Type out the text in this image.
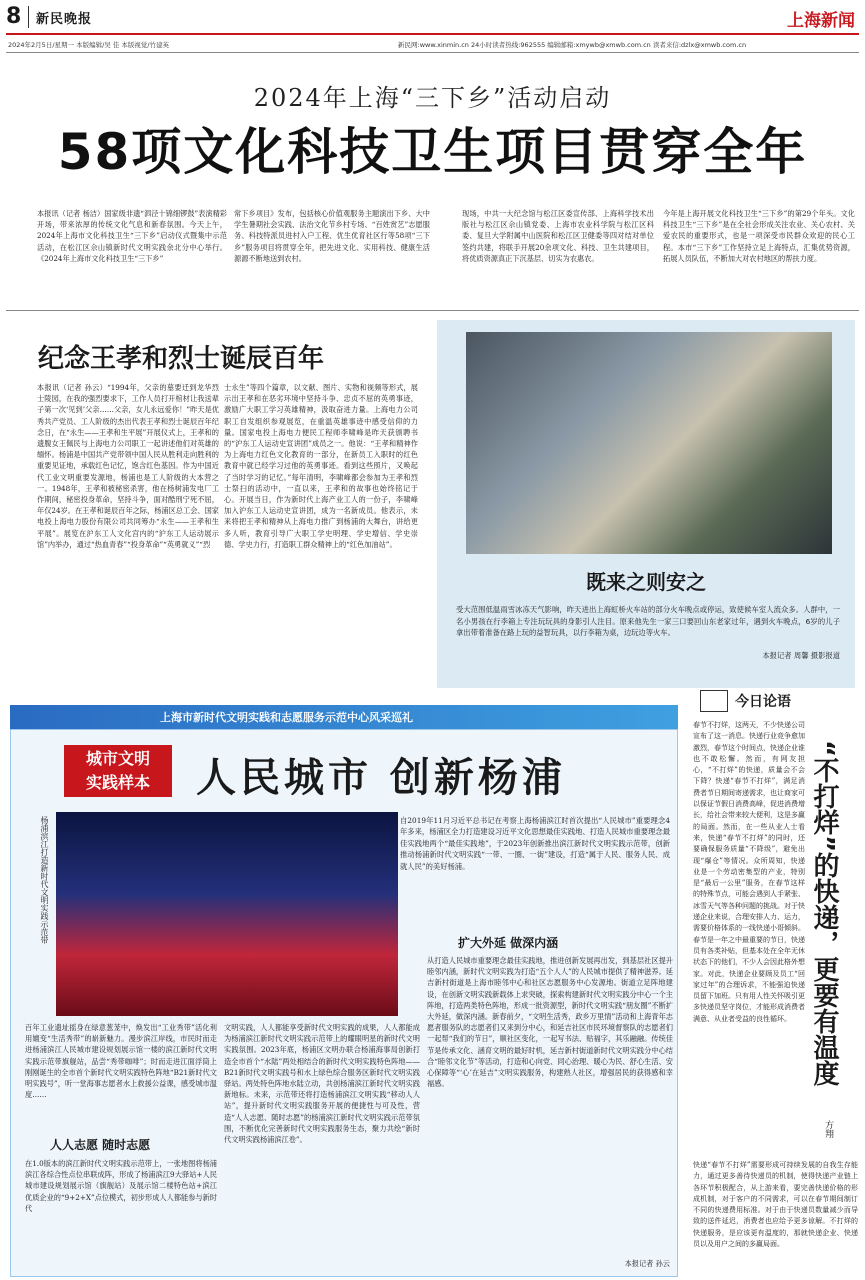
8 新民晚报	上海新闻
2024年2月5日/星期一 本版编辑/吴 佳 本版视觉/竹建英	新民网:www.xinmin.cn 24小时读者热线:962555 编辑邮箱:xmywb@xmwb.com.cn 读者来信:dzlx@xmwb.com.cn
2024年上海“三下乡”活动启动
58项文化科技卫生项目贯穿全年
本报讯（记者 杨洁）国家级非遗“泗泾十锦细锣鼓”表演精彩开场，带来浓厚的传统文化气息和新春氛围。今天上午，2024年上海市文化科技卫生“三下乡”启动仪式暨集中示范活动，在松江区佘山镇新时代文明实践余北分中心举行。《2024年上海市文化科技卫生“三下乡”
常下乡项目》发布，包括核心价值观服务主题演出下乡、大中学生暑期社会实践、法治文化节乡村专场、“百姓赏艺”志愿服务、科技特派员进村入户工程、优生优育社区行等58项“三下乡”服务项目将贯穿全年，把先进文化、实用科技、健康生活源源不断地送到农村。
现场，中共一大纪念馆与松江区委宣传部、上海科学技术出版社与松江区佘山镇党委、上海市农业科学院与松江区科委、复旦大学附属中山医院和松江区卫健委等四对结对单位签约共建，将联手开展20余项文化、科技、卫生共建项目，将优质资源真正下沉基层、切实为农惠农。
今年是上海开展文化科技卫生“三下乡”的第29个年头。文化科技卫生“三下乡”是在全社会形成关注农业、关心农村、关爱农民的重要形式，也是一项深受市民群众欢迎的民心工程。本市“三下乡”工作坚持立足上海特点，汇集优势资源，拓展人员队伍，不断加大对农村地区的帮扶力度。
纪念王孝和烈士诞辰百年
本报讯（记者 孙云）“1994年，父亲的墓要迁到龙华烈士陵园，在我的强烈要求下，工作人员打开棺材让我送辈子第一次‘见到’父亲……父亲，女儿永远爱你！”昨天是优秀共产党员、工人阶级的杰出代表王孝和烈士诞辰百年纪念日，在“永生——王孝和生平展”开展仪式上，王孝和的遗腹女王佩民与上海电力公司职工一起讲述他们对英雄的缅怀。杨浦是中国共产党带领中国人民从胜利走向胜利的重要见证地，承载红色记忆，饱含红色基因。作为中国近代工业文明重要发源地，杨浦也是工人阶级的大本营之一。1948年，王孝和被秘密杀害，他在杨树浦发电厂工作期间，秘密投身革命，坚持斗争，面对酷刑宁死不屈，年仅24岁。在王孝和诞辰百年之际，杨浦区总工会、国家电投上海电力股份有限公司共同筹办“永生——王孝和生平展”。展览在沪东工人文化宫内的“沪东工人运动展示馆”内举办，通过“热血青春”“投身革命”“英勇就义”“烈
士永生”等四个篇章，以文献、图片、实物和视频等形式，展示出王孝和在恶劣环境中坚持斗争、忠贞不屈的英勇事迹，激励广大职工学习英雄精神，汲取奋进力量。上海电力公司职工自发组织参观展览，在重温英雄事迹中感受信仰的力量。国家电投上海电力便民工程师李啸峰是昨天获颁聘书的“沪东工人运动史宣讲团”成员之一。他说：“王孝和精神作为上海电力红色文化教育的一部分，在新员工入职时的红色教育中就已经学习过他的英勇事迹。看到这些照片，又唤起了当时学习的记忆。”每年清明，李啸峰都会参加为王孝和烈士祭扫的活动中，一直以来，王孝和的故事也始终铭记于心。开展当日，作为新时代上海产业工人的一份子，李啸峰加入沪东工人运动史宣讲团，成为一名新成员。他表示，未来将把王孝和精神从上海电力推广到杨浦的大舞台，讲给更多人听，教育引导广大职工学史明理、学史增信、学史崇德、学史力行，打造职工群众精神上的“红色加油站”。
既来之则安之
受大范围低温雨雪冰冻天气影响，昨天进出上海虹桥火车站的部分火车晚点或停运，致使候车室人流众多。人群中，一名小男孩在行李箱上专注玩玩具的身影引人注目。原来他先生一家三口要回山东老家过年，遇到火车晚点，6岁的儿子拿出带着准备在路上玩的益智玩具，以行李箱为桌，边玩边等火车。
本报记者 周馨 摄影报道
上海市新时代文明实践和志愿服务示范中心风采巡礼
城市文明
实践样本	人民城市 创新杨浦
杨浦滨江打造新时代文明实践示范带	自2019年11月习近平总书记在考察上海杨浦滨江时首次提出“人民城市”重要理念4年多来，杨浦区全力打造建设习近平文化思想最佳实践地、打造人民城市重要理念最佳实践地两个“最佳实践地”，于2023年创新推出滨江新时代文明实践示范带，创新推动杨浦新时代文明实践“一带、一圈、一街”建设，打造“属于人民、服务人民、成就人民”的美好杨浦。
扩大外延 做深内涵
百年工业遗址摇身在绿意葱茏中，焕发出“工业秀带”活化利用嬗变“生活秀带”的崭新魅力。漫步滨江岸线，市民时而走进杨浦滨江人民城市建设规划展示馆一楼的滨江新时代文明实践示范带旗舰站，品尝“秀带咖啡”；时而走进江面浮筒上刚刚诞生的全市首个新时代文明实践特色阵地“B21新时代文明实践号”，听一堂海事志愿者水上救援公益课，感受城市温度……
人人志愿 随时志愿
在1.0版本的滨江新时代文明实践示范带上，一张地图将杨浦滨江各综合性点位串联成阵，形成了杨浦滨江9大驿站+人民城市建设规划展示馆（旗舰站）及展示馆二楼特色站+滨江优质企业的“9+2+X”点位模式，初步形成人人都能参与新时代
文明实践，人人都能享受新时代文明实践的成果，人人都能成为杨浦滨江新时代文明实践示范带上的耀眼明星的新时代文明实践氛围。2023年底，杨浦区文明办联合杨浦海事局创新打造全市首个“水陆”两处相结合的新时代文明实践特色阵地——B21新时代文明实践号和水上绿色综合服务区新时代文明实践驿站。两处特色阵地水陆立动，共创杨浦滨江新时代文明实践新地标。未来，示范带还将打造杨浦滨江文明实践“移动人人站”，提升新时代文明实践服务开展的便捷性与可及性，营造“人人志愿、随时志愿”的杨浦滨江新时代文明实践示范带氛围，不断优化完善新时代文明实践服务生态，聚力共绘“新时代文明实践杨浦滨江卷”。
从打造人民城市重要理念最佳实践地，推进创新发展再出发，到基层社区提升睦邻内涵，新时代文明实践为打造“五个人人”的人民城市提供了精神滋养。延吉新村街道是上海市睦邻中心和社区志愿服务中心发源地。街道立足阵地建设，在创新文明实践新载体上求突破，探索构建新时代文明实践分中心一个主阵地，打造两类特色阵地，形成一批资源型，新时代文明实践“朋友圈”不断扩大外延，做深内涵。新春前夕，“文明生活秀，政乡万里情”活动和上海青年志愿者服务队的志愿者们又来到分中心，和延吉社区市民环境督察队的志愿者们一起帮“我们的节日”，顺社区变化，一起写书法、贴福字，其乐融融。传统佳节是传承文化、涵育文明的最好时机，延吉新村街道新时代文明实践分中心结合“睦邻文化节”等活动，打造和心向党、同心治理、暖心为民、舒心生活、安心保障等“‘心’在延吉”文明实践服务，构建熟人社区，增强居民的获得感和幸福感。
本报记者 孙云
今日论语
“不打烊”的快递，更要有温度
方翔
春节不打烊，这两天，不少快递公司宣布了这一消息。快递行业竞争愈加激烈，春节这个时间点，快递企业谁也不敢松懈。然而，有网友担心，“不打烊”的快递，质量会不会下降？快递“春节不打烊”，满足消费者节日期间寄递需求，也让商家可以保证节假日消费高峰，促进消费增长，给社会带来较大便利，这是多赢的局面。然而，在一些从业人士看来，快递“春节不打烊”的同时，还要确保服务质量“不降级”，避免出现“爆仓”等情况。众所周知，快递业是一个劳动密集型的产业，特别是“最后一公里”服务，在春节这样的特殊节点，可能会遇到人手紧张、冰雪天气等各种问题的挑战。对于快递企业来说，合理安排人力、运力，需要价格体系的一线快递小哥倾斜。春节是一年之中最重要的节日，快递员有各类补贴，但基本处在全年无休状态下的他们，不少人会因此格外想家。对此，快递企业要顾及员工“回家过年”的合理诉求，不能强迫快递员留下加班。只有用人性关怀吸引更多快递员坚守岗位，才能形成消费者满意、从业者受益的良性循环。
快递“春节不打烊”需要形成可持续发展的自我生存能力，通过更多善待快递员的机制，使得快递产业链上各环节积极配合，从上游来看，要完善快递价格的形成机制，对于客户的不同需求，可以在春节期间制订不同的快递费用标准。对于由于快递员数量减少而导致的送件延迟，消费者也应给予更多谅解。不打烊的快递服务，是应该更有温度的，那就快递企业、快递员以及用户之间的多赢局面。
